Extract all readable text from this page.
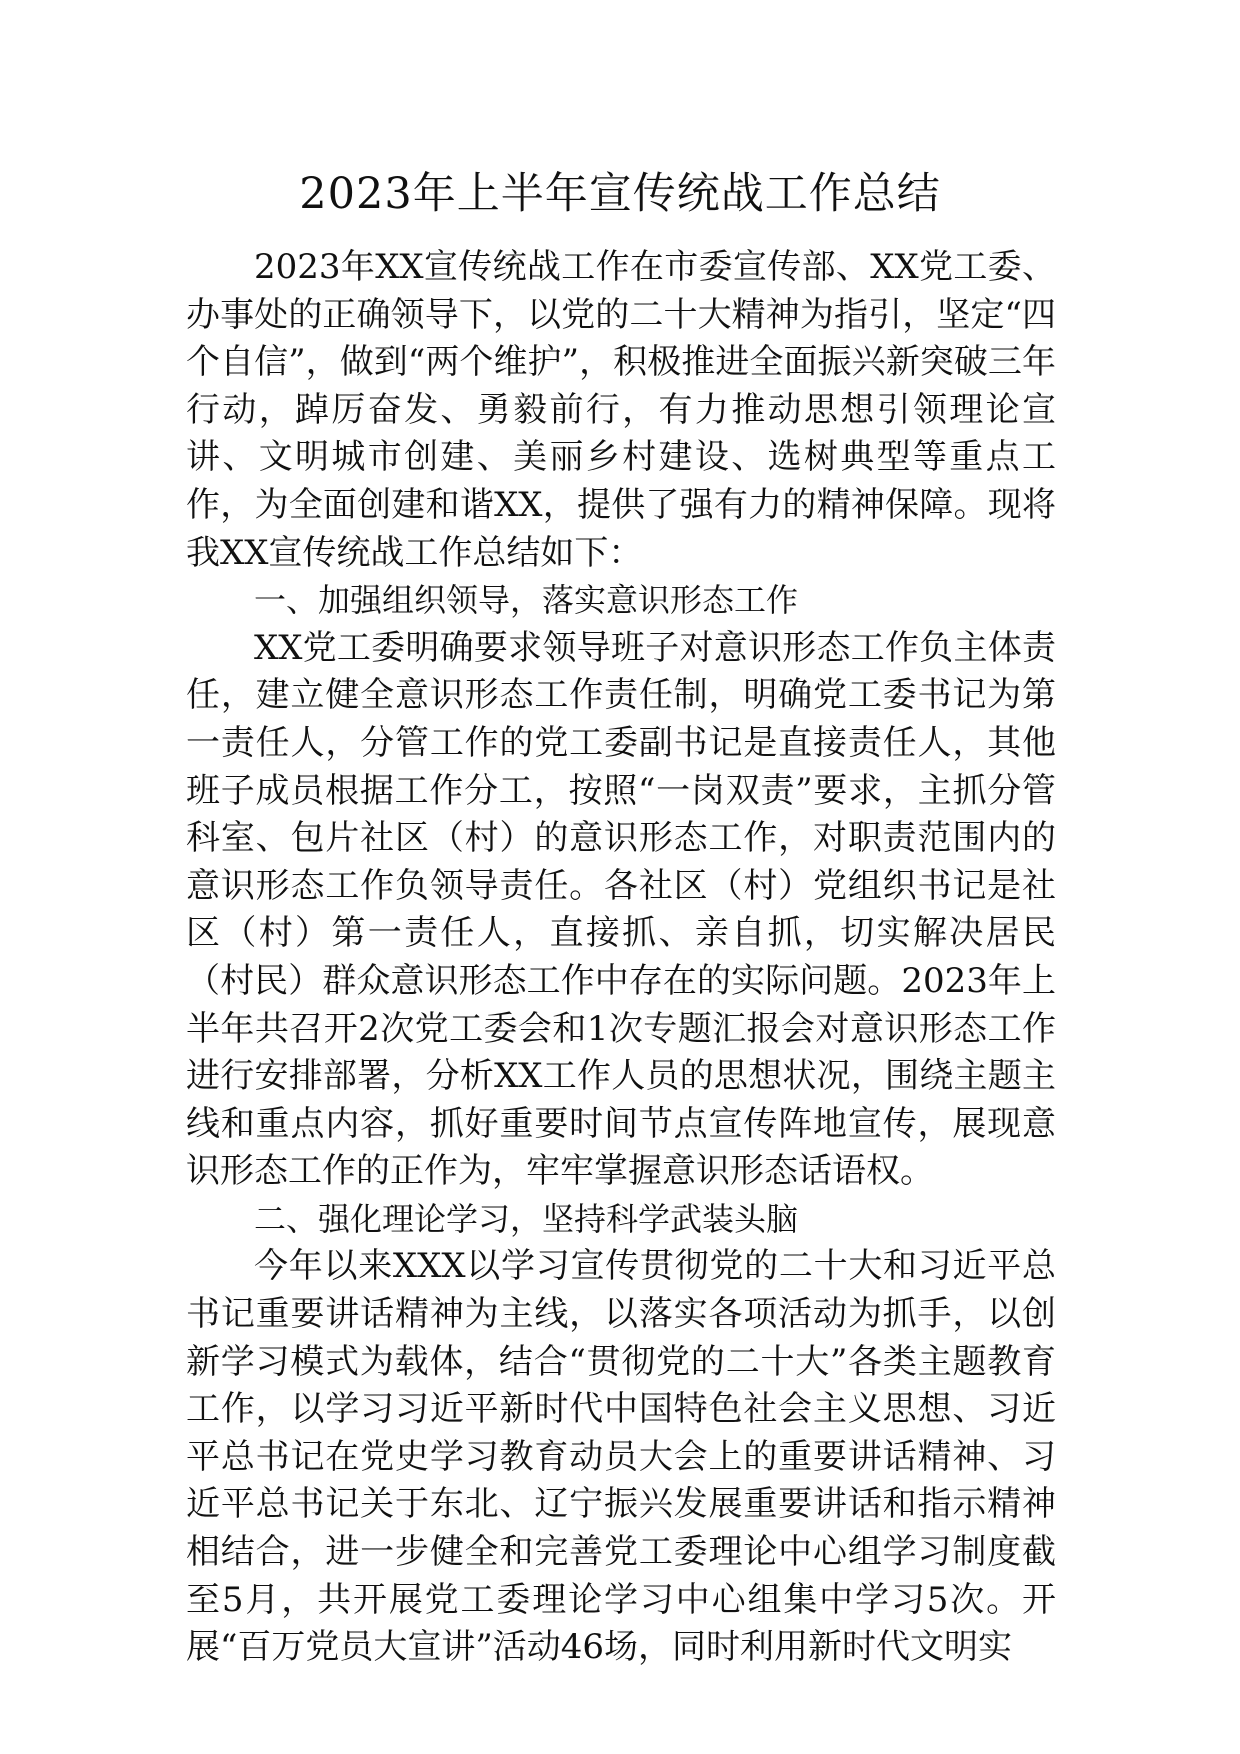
2023年上半年宣传统战工作总结

2023年XX宣传统战工作在市委宣传部、XX党工委、办事处的正确领导下，以党的二十大精神为指引，坚定“四个自信”，做到“两个维护”，积极推进全面振兴新突破三年行动，踔厉奋发、勇毅前行，有力推动思想引领理论宣讲、文明城市创建、美丽乡村建设、选树典型等重点工作，为全面创建和谐XX，提供了强有力的精神保障。现将我XX宣传统战工作总结如下：

一、加强组织领导，落实意识形态工作

XX党工委明确要求领导班子对意识形态工作负主体责任，建立健全意识形态工作责任制，明确党工委书记为第一责任人，分管工作的党工委副书记是直接责任人，其他班子成员根据工作分工，按照“一岗双责”要求，主抓分管科室、包片社区（村）的意识形态工作，对职责范围内的意识形态工作负领导责任。各社区（村）党组织书记是社区（村）第一责任人，直接抓、亲自抓，切实解决居民（村民）群众意识形态工作中存在的实际问题。2023年上半年共召开2次党工委会和1次专题汇报会对意识形态工作进行安排部署，分析XX工作人员的思想状况，围绕主题主线和重点内容，抓好重要时间节点宣传阵地宣传，展现意识形态工作的正作为，牢牢掌握意识形态话语权。

二、强化理论学习，坚持科学武装头脑

今年以来XXX以学习宣传贯彻党的二十大和习近平总书记重要讲话精神为主线，以落实各项活动为抓手，以创新学习模式为载体，结合“贯彻党的二十大”各类主题教育工作，以学习习近平新时代中国特色社会主义思想、习近平总书记在党史学习教育动员大会上的重要讲话精神、习近平总书记关于东北、辽宁振兴发展重要讲话和指示精神相结合，进一步健全和完善党工委理论中心组学习制度截至5月，共开展党工委理论学习中心组集中学习5次。开展“百万党员大宣讲”活动46场，同时利用新时代文明实
